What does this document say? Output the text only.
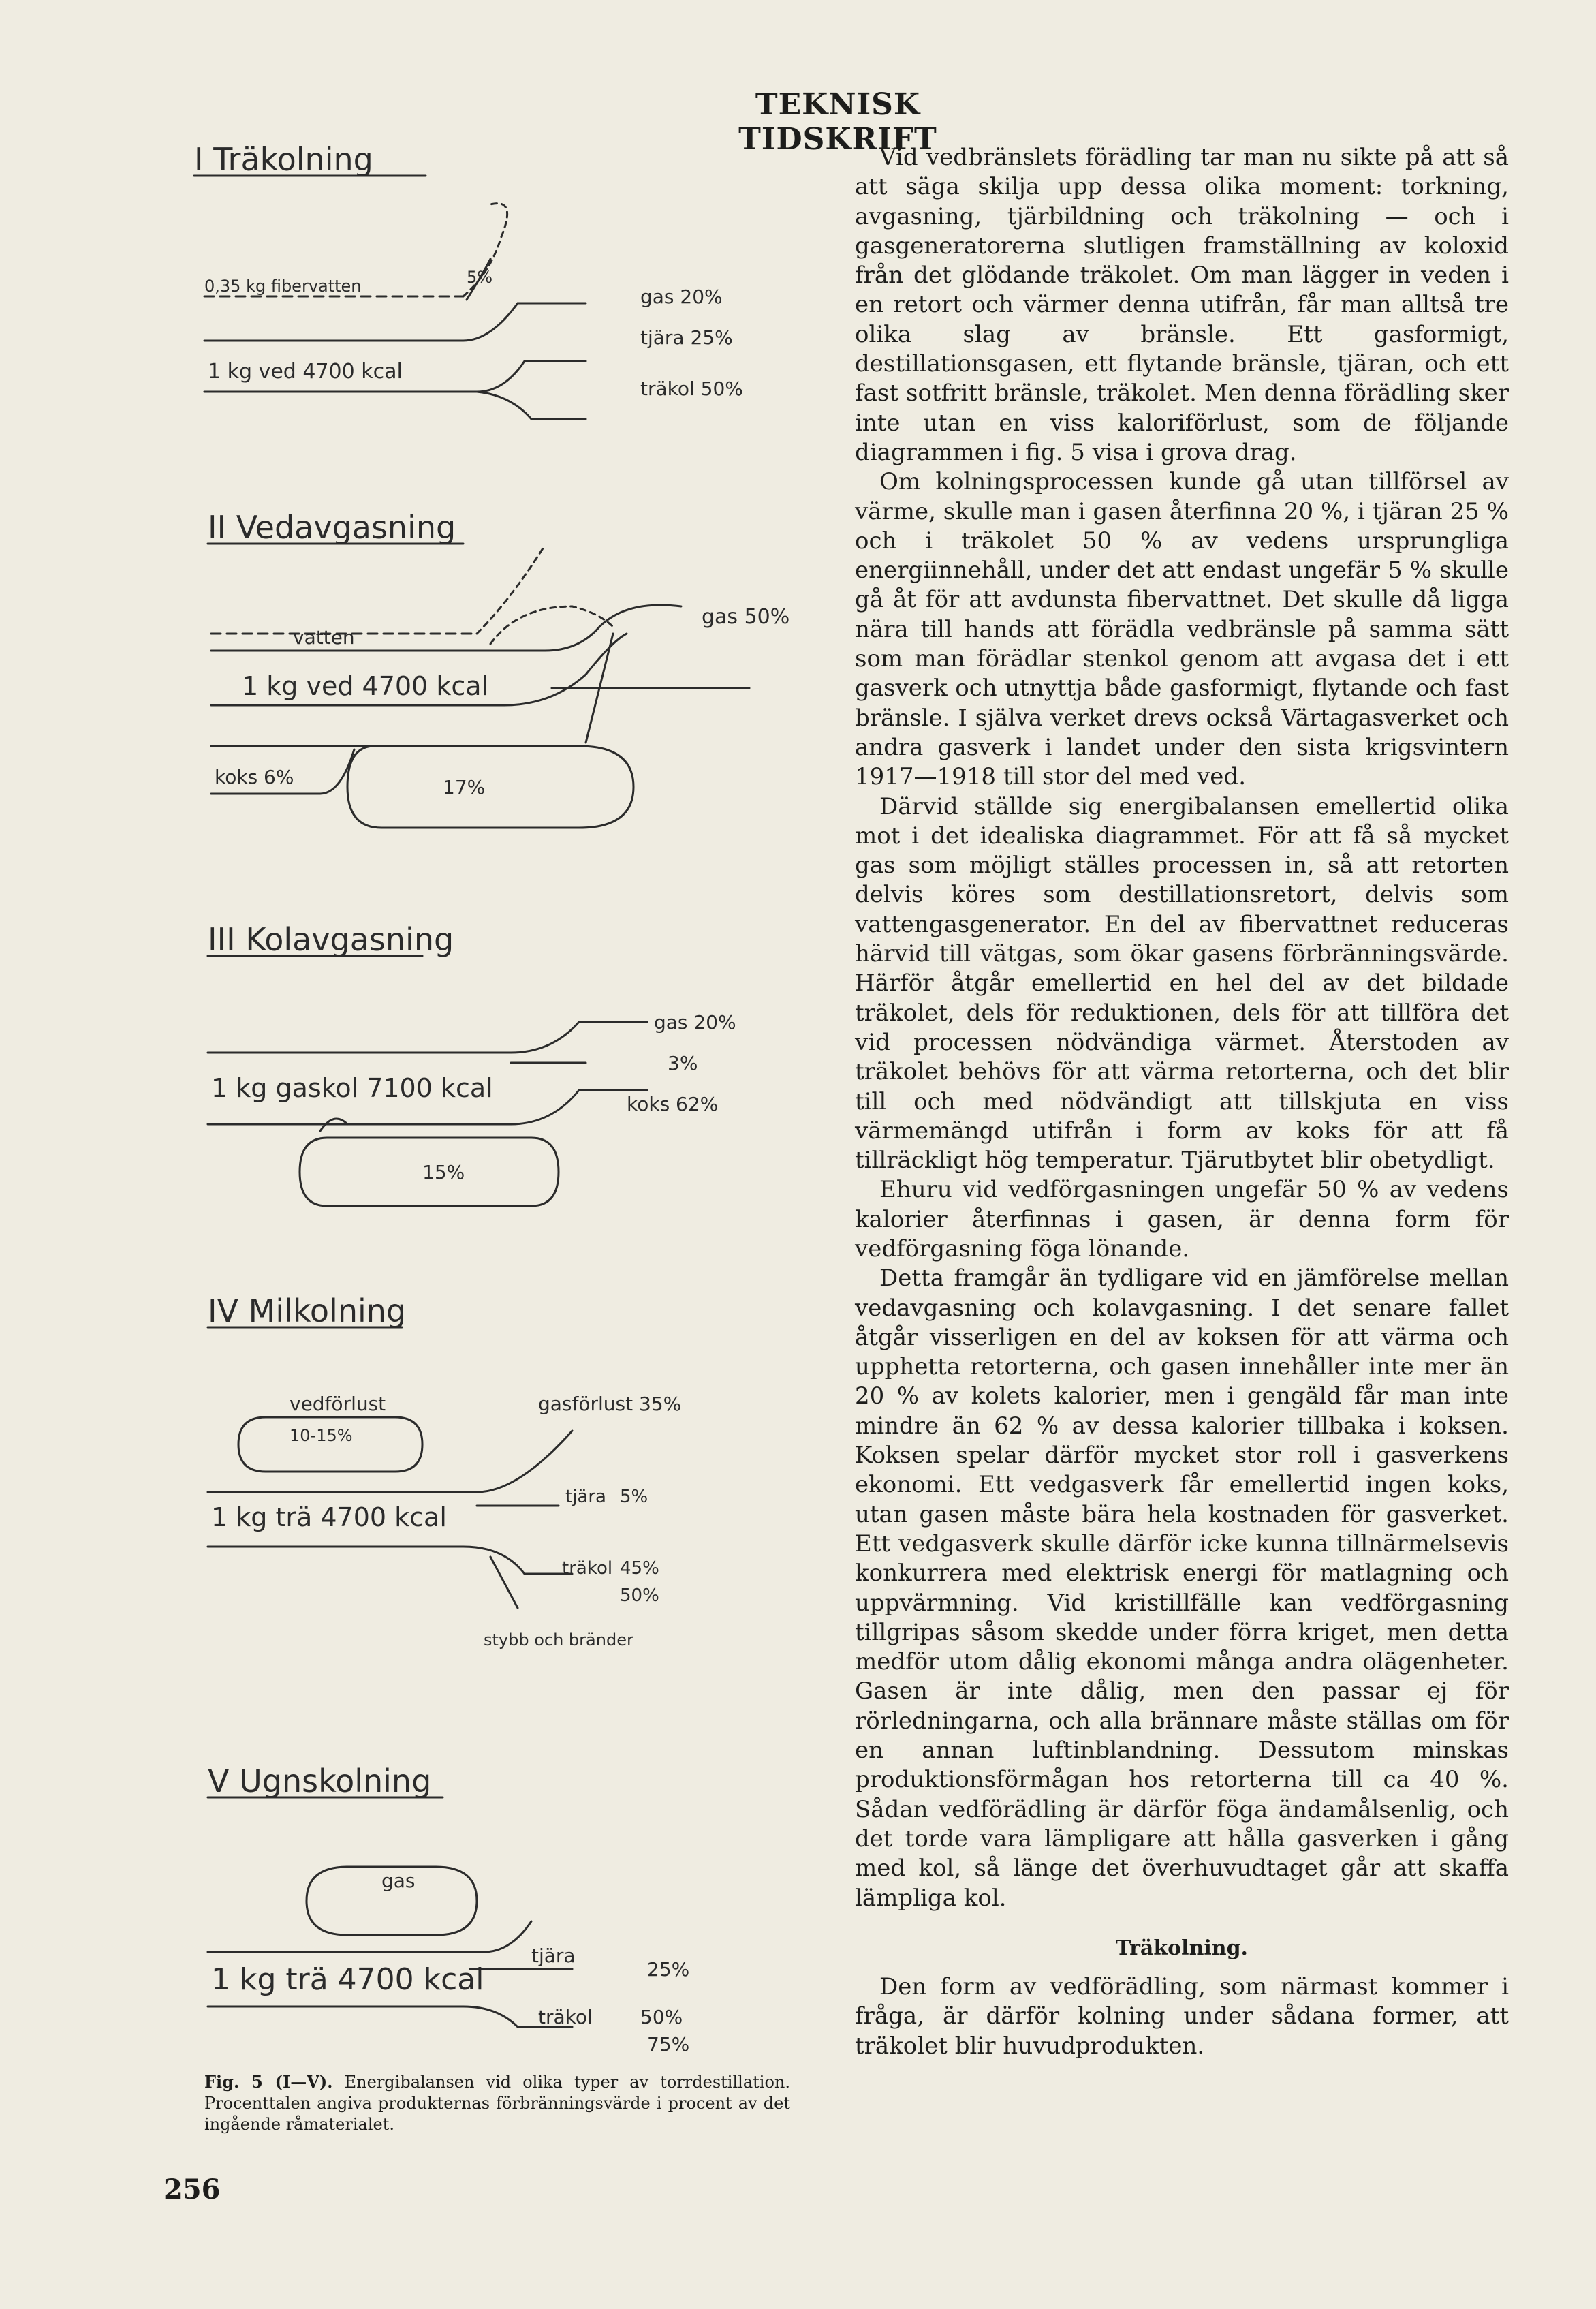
TEKNISK TIDSKRIFT
I Träkolning
0,35 kg fibervatten	5%
1 kg ved 4700 kcal
gas 20%
tjära 25%
träkol 50%
II Vedavgasning
vatten
1 kg ved 4700 kcal
koks 6%	17%
gas 50%
III Kolavgasning
1 kg gaskol 7100 kcal
15%
gas 20%
3%
koks 62%
IV Milkolning
vedförlust
10-15%
gasförlust 35%
1 kg trä 4700 kcal
tjära 5%
träkol 45%
50%
stybb och bränder
V Ugnskolning
gas
1 kg trä 4700 kcal
tjära
25%
träkol	50%
75%
Fig. 5 (I—V). Energibalansen vid olika typer av torrdestillation. Procenttalen angiva produkternas förbränningsvärde i procent av det ingående råmaterialet.
256

Vid vedbränslets förädling tar man nu sikte på att så att säga skilja upp dessa olika moment: torkning, avgasning, tjärbildning och träkolning — och i gasgeneratorerna slutligen framställning av koloxid från det glödande träkolet. Om man lägger in veden i en retort och värmer denna utifrån, får man alltså tre olika slag av bränsle. Ett gasformigt, destillationsgasen, ett flytande bränsle, tjäran, och ett fast sotfritt bränsle, träkolet. Men denna förädling sker inte utan en viss kaloriförlust, som de följande diagrammen i fig. 5 visa i grova drag.

Om kolningsprocessen kunde gå utan tillförsel av värme, skulle man i gasen återfinna 20 %, i tjäran 25 % och i träkolet 50 % av vedens ursprungliga energiinnehåll, under det att endast ungefär 5 % skulle gå åt för att avdunsta fibervattnet. Det skulle då ligga nära till hands att förädla vedbränsle på samma sätt som man förädlar stenkol genom att avgasa det i ett gasverk och utnyttja både gasformigt, flytande och fast bränsle. I själva verket drevs också Värtagasverket och andra gasverk i landet under den sista krigsvintern 1917—1918 till stor del med ved.

Därvid ställde sig energibalansen emellertid olika mot i det idealiska diagrammet. För att få så mycket gas som möjligt ställes processen in, så att retorten delvis köres som destillationsretort, delvis som vattengasgenerator. En del av fibervattnet reduceras härvid till vätgas, som ökar gasens förbränningsvärde. Härför åtgår emellertid en hel del av det bildade träkolet, dels för reduktionen, dels för att tillföra det vid processen nödvändiga värmet. Återstoden av träkolet behövs för att värma retorterna, och det blir till och med nödvändigt att tillskjuta en viss värmemängd utifrån i form av koks för att få tillräckligt hög temperatur. Tjärutbytet blir obetydligt.

Ehuru vid vedförgasningen ungefär 50 % av vedens kalorier återfinnas i gasen, är denna form för vedförgasning föga lönande.

Detta framgår än tydligare vid en jämförelse mellan vedavgasning och kolavgasning. I det senare fallet åtgår visserligen en del av koksen för att värma och upphetta retorterna, och gasen innehåller inte mer än 20 % av kolets kalorier, men i gengäld får man inte mindre än 62 % av dessa kalorier tillbaka i koksen. Koksen spelar därför mycket stor roll i gasverkens ekonomi. Ett vedgasverk får emellertid ingen koks, utan gasen måste bära hela kostnaden för gasverket. Ett vedgasverk skulle därför icke kunna tillnärmelsevis konkurrera med elektrisk energi för matlagning och uppvärmning. Vid kristillfälle kan vedförgasning tillgripas såsom skedde under förra kriget, men detta medför utom dålig ekonomi många andra olägenheter. Gasen är inte dålig, men den passar ej för rörledningarna, och alla brännare måste ställas om för en annan luftinblandning. Dessutom minskas produktionsförmågan hos retorterna till ca 40 %. Sådan vedförädling är därför föga ändamålsenlig, och det torde vara lämpligare att hålla gasverken i gång med kol, så länge det överhuvudtaget går att skaffa lämpliga kol.

Träkolning.

Den form av vedförädling, som närmast kommer i fråga, är därför kolning under sådana former, att träkolet blir huvudprodukten.
